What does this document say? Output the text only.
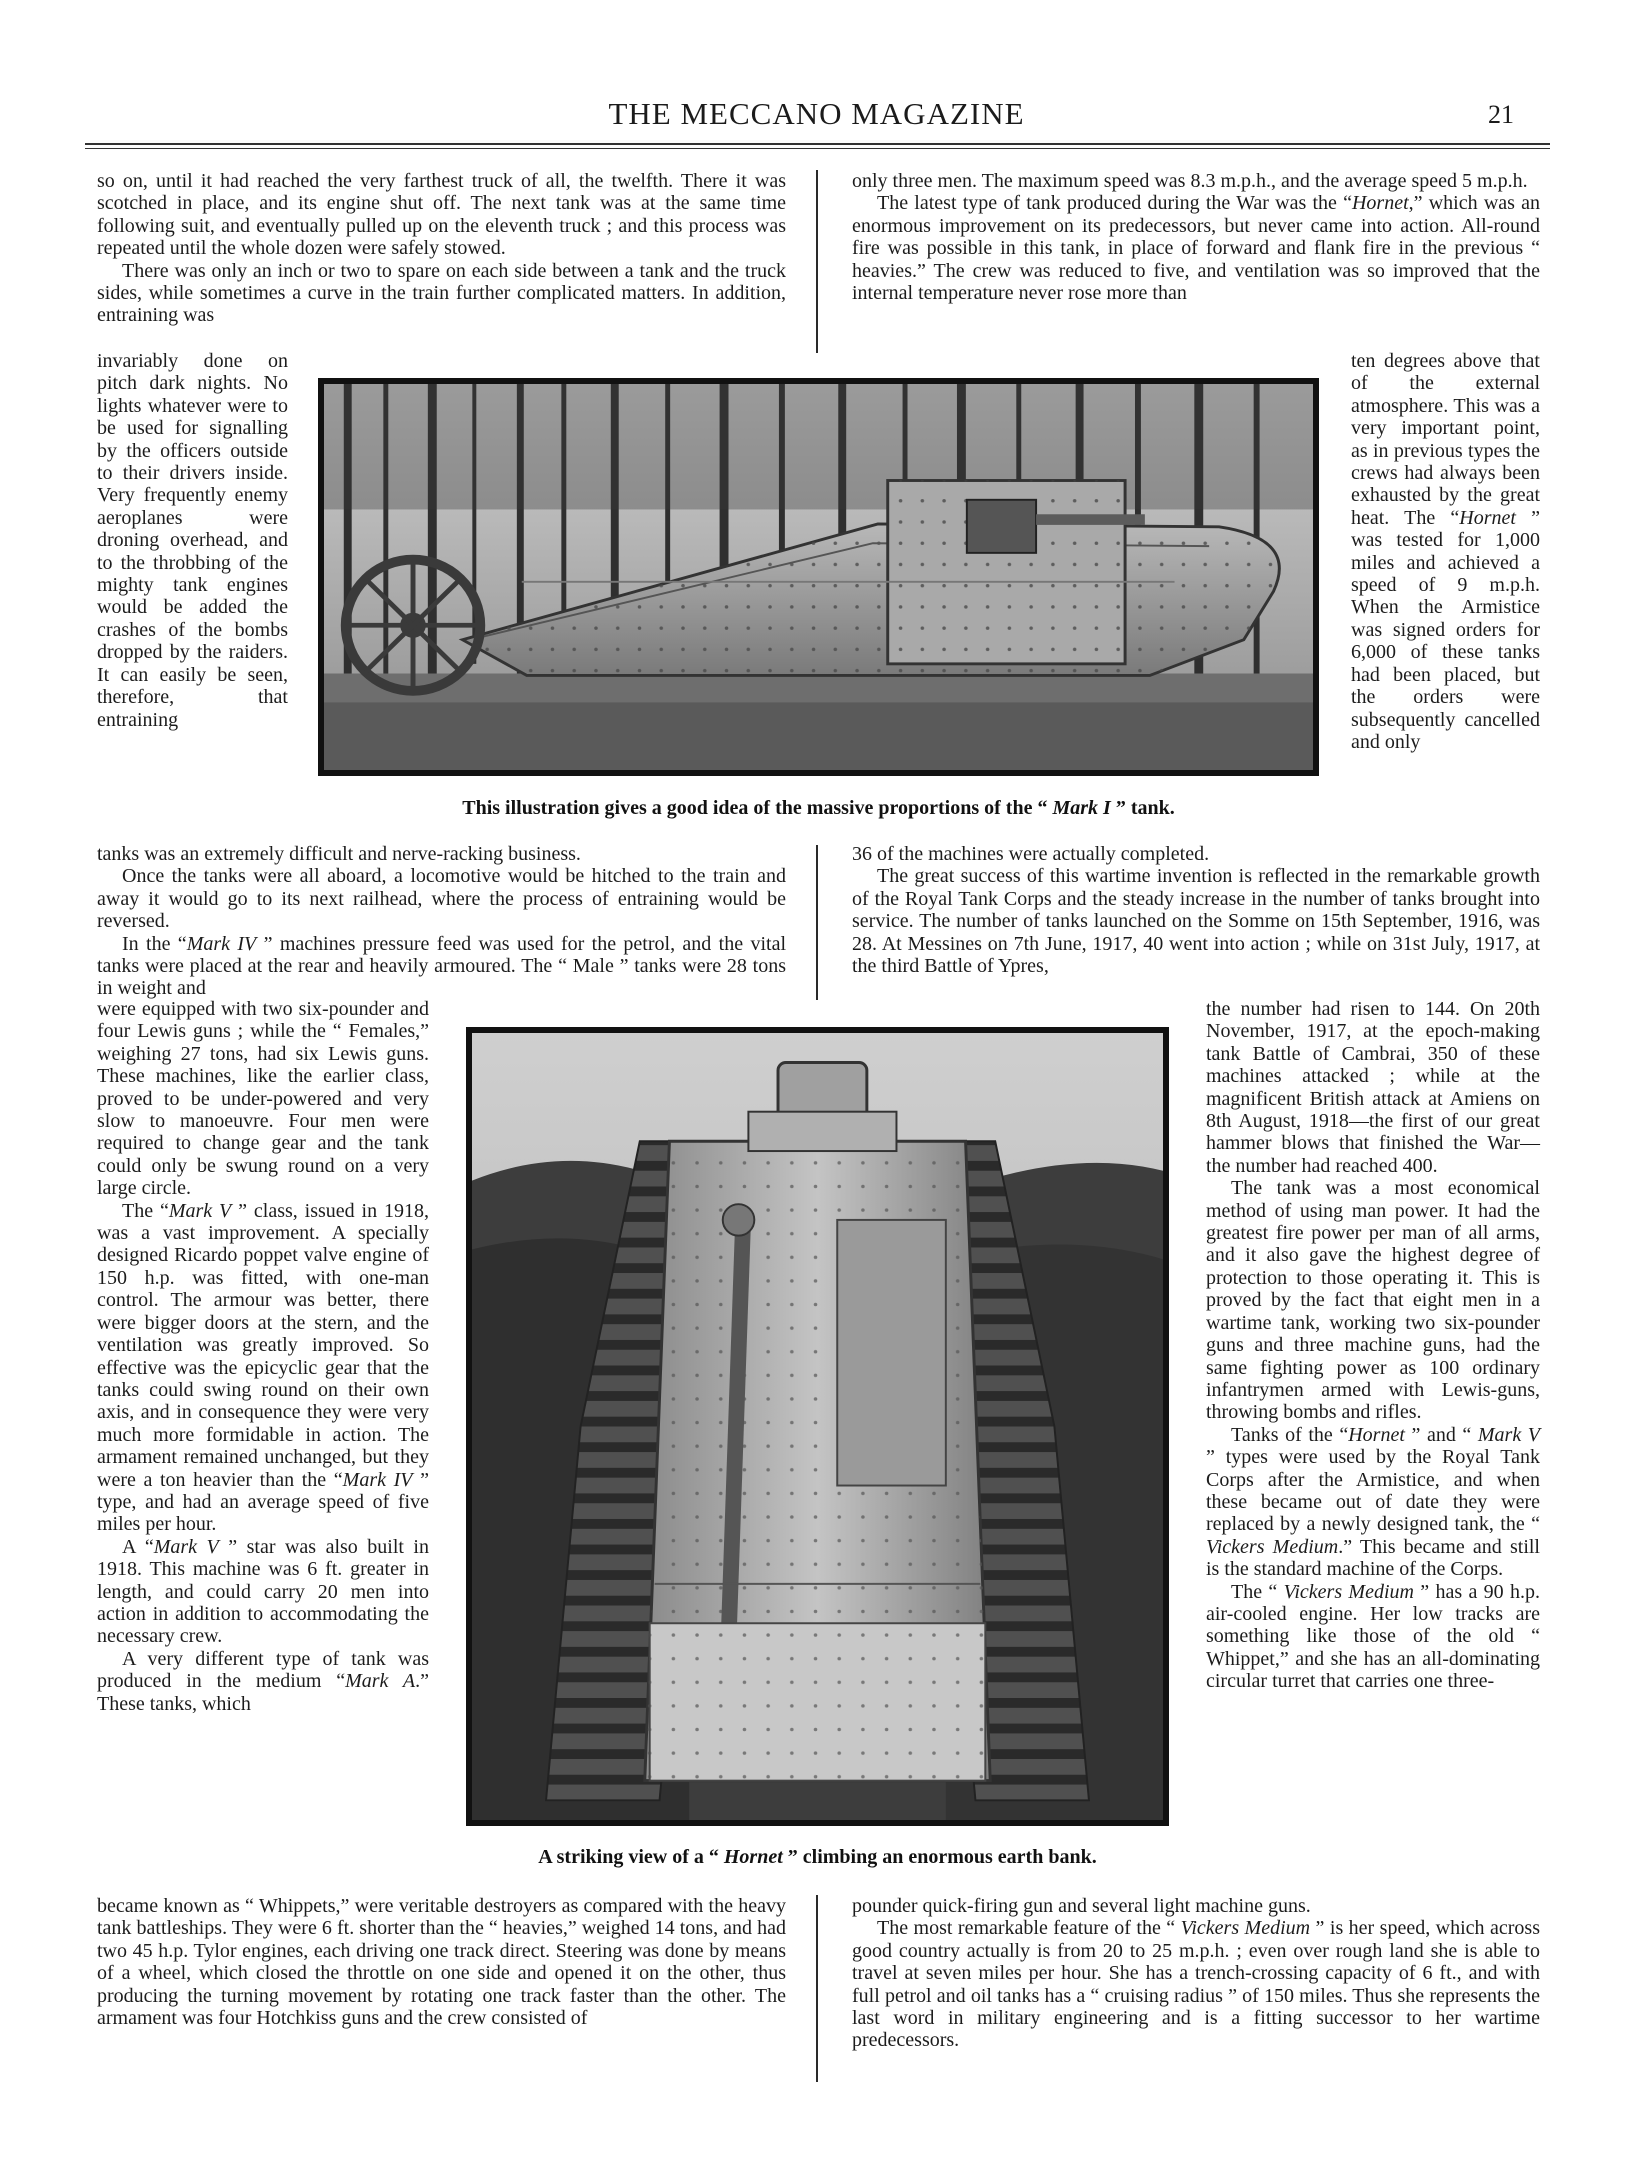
THE MECCANO MAGAZINE	21

so on, until it had reached the very farthest truck of all, the twelfth. There it was scotched in place, and its engine shut off. The next tank was at the same time following suit, and eventually pulled up on the eleventh truck ; and this process was repeated until the whole dozen were safely stowed.

There was only an inch or two to spare on each side between a tank and the truck sides, while sometimes a curve in the train further complicated matters. In addition, entraining was

invariably done on pitch dark nights. No lights whatever were to be used for signalling by the officers outside to their drivers inside. Very frequently enemy aeroplanes were droning overhead, and to the throbbing of the mighty tank engines would be added the crashes of the bombs dropped by the raiders. It can easily be seen, therefore, that entraining

tanks was an extremely difficult and nerve-racking business.

Once the tanks were all aboard, a locomotive would be hitched to the train and away it would go to its next railhead, where the process of entraining would be reversed.

In the “Mark IV ” machines pressure feed was used for the petrol, and the vital tanks were placed at the rear and heavily armoured. The “ Male ” tanks were 28 tons in weight and

were equipped with two six-pounder and four Lewis guns ; while the “ Females,” weighing 27 tons, had six Lewis guns. These machines, like the earlier class, proved to be under-powered and very slow to manoeuvre. Four men were required to change gear and the tank could only be swung round on a very large circle.

The “Mark V ” class, issued in 1918, was a vast improvement. A specially designed Ricardo poppet valve engine of 150 h.p. was fitted, with one-man control. The armour was better, there were bigger doors at the stern, and the ventilation was greatly improved. So effective was the epicyclic gear that the tanks could swing round on their own axis, and in consequence they were very much more formidable in action. The armament remained unchanged, but they were a ton heavier than the “Mark IV ” type, and had an average speed of five miles per hour.

A “Mark V ” star was also built in 1918. This machine was 6 ft. greater in length, and could carry 20 men into action in addition to accommodating the necessary crew.

A very different type of tank was produced in the medium “Mark A.” These tanks, which

became known as “ Whippets,” were veritable destroyers as compared with the heavy tank battleships. They were 6 ft. shorter than the “ heavies,” weighed 14 tons, and had two 45 h.p. Tylor engines, each driving one track direct. Steering was done by means of a wheel, which closed the throttle on one side and opened it on the other, thus producing the turning movement by rotating one track faster than the other. The armament was four Hotchkiss guns and the crew consisted of

only three men. The maximum speed was 8.3 m.p.h., and the average speed 5 m.p.h.

The latest type of tank produced during the War was the “Hornet,” which was an enormous improvement on its predecessors, but never came into action. All-round fire was possible in this tank, in place of forward and flank fire in the previous “ heavies.” The crew was reduced to five, and ventilation was so improved that the internal temperature never rose more than

ten degrees above that of the external atmosphere. This was a very important point, as in previous types the crews had always been exhausted by the great heat. The “Hornet ” was tested for 1,000 miles and achieved a speed of 9 m.p.h. When the Armistice was signed orders for 6,000 of these tanks had been placed, but the orders were subsequently cancelled and only

36 of the machines were actually completed.

The great success of this wartime invention is reflected in the remarkable growth of the Royal Tank Corps and the steady increase in the number of tanks brought into service. The number of tanks launched on the Somme on 15th September, 1916, was 28. At Messines on 7th June, 1917, 40 went into action ; while on 31st July, 1917, at the third Battle of Ypres,

the number had risen to 144. On 20th November, 1917, at the epoch-making tank Battle of Cambrai, 350 of these machines attacked ; while at the magnificent British attack at Amiens on 8th August, 1918—the first of our great hammer blows that finished the War—the number had reached 400.

The tank was a most economical method of using man power. It had the greatest fire power per man of all arms, and it also gave the highest degree of protection to those operating it. This is proved by the fact that eight men in a wartime tank, working two six-pounder guns and three machine guns, had the same fighting power as 100 ordinary infantrymen armed with Lewis-guns, throwing bombs and rifles.

Tanks of the “Hornet ” and “ Mark V ” types were used by the Royal Tank Corps after the Armistice, and when these became out of date they were replaced by a newly designed tank, the “ Vickers Medium.” This became and still is the standard machine of the Corps.

The “ Vickers Medium ” has a 90 h.p. air-cooled engine. Her low tracks are something like those of the old “ Whippet,” and she has an all-dominating circular turret that carries one three-

pounder quick-firing gun and several light machine guns.

The most remarkable feature of the “ Vickers Medium ” is her speed, which across good country actually is from 20 to 25 m.p.h. ; even over rough land she is able to travel at seven miles per hour. She has a trench-crossing capacity of 6 ft., and with full petrol and oil tanks has a “ cruising radius ” of 150 miles. Thus she represents the last word in military engineering and is a fitting successor to her wartime predecessors.

This illustration gives a good idea of the massive proportions of the “ Mark I ” tank.
A striking view of a “ Hornet ” climbing an enormous earth bank.
